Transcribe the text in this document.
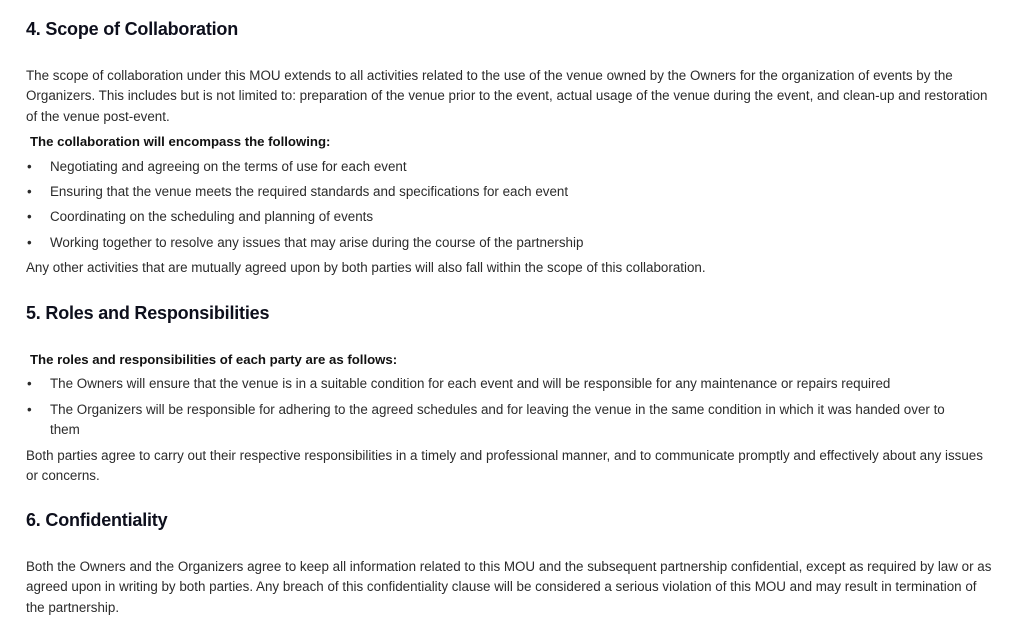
4. Scope of Collaboration

The scope of collaboration under this MOU extends to all activities related to the use of the venue owned by the Owners for the organization of events by the Organizers. This includes but is not limited to: preparation of the venue prior to the event, actual usage of the venue during the event, and clean-up and restoration of the venue post-event.

The collaboration will encompass the following:

• Negotiating and agreeing on the terms of use for each event
• Ensuring that the venue meets the required standards and specifications for each event
• Coordinating on the scheduling and planning of events
• Working together to resolve any issues that may arise during the course of the partnership

Any other activities that are mutually agreed upon by both parties will also fall within the scope of this collaboration.

5. Roles and Responsibilities

The roles and responsibilities of each party are as follows:

• The Owners will ensure that the venue is in a suitable condition for each event and will be responsible for any maintenance or repairs required
• The Organizers will be responsible for adhering to the agreed schedules and for leaving the venue in the same condition in which it was handed over to them

Both parties agree to carry out their respective responsibilities in a timely and professional manner, and to communicate promptly and effectively about any issues or concerns.

6. Confidentiality

Both the Owners and the Organizers agree to keep all information related to this MOU and the subsequent partnership confidential, except as required by law or as agreed upon in writing by both parties. Any breach of this confidentiality clause will be considered a serious violation of this MOU and may result in termination of the partnership.
